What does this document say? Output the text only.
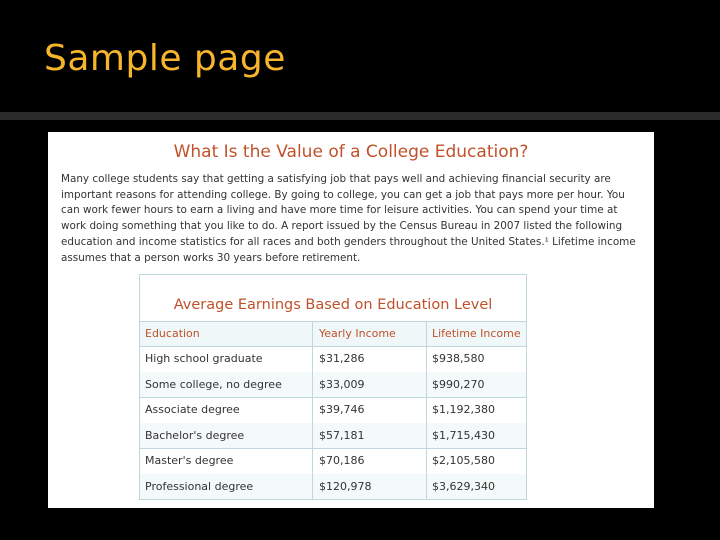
Sample page
What Is the Value of a College Education?

Many college students say that getting a satisfying job that pays well and achieving financial security are important reasons for attending college. By going to college, you can get a job that pays more per hour. You can work fewer hours to earn a living and have more time for leisure activities. You can spend your time at work doing something that you like to do. A report issued by the Census Bureau in 2007 listed the following education and income statistics for all races and both genders throughout the United States.¹ Lifetime income assumes that a person works 30 years before retirement.

Average Earnings Based on Education Level
Education	Yearly Income	Lifetime Income
High school graduate	$31,286	$938,580
Some college, no degree	$33,009	$990,270
Associate degree	$39,746	$1,192,380
Bachelor's degree	$57,181	$1,715,430
Master's degree	$70,186	$2,105,580
Professional degree	$120,978	$3,629,340
